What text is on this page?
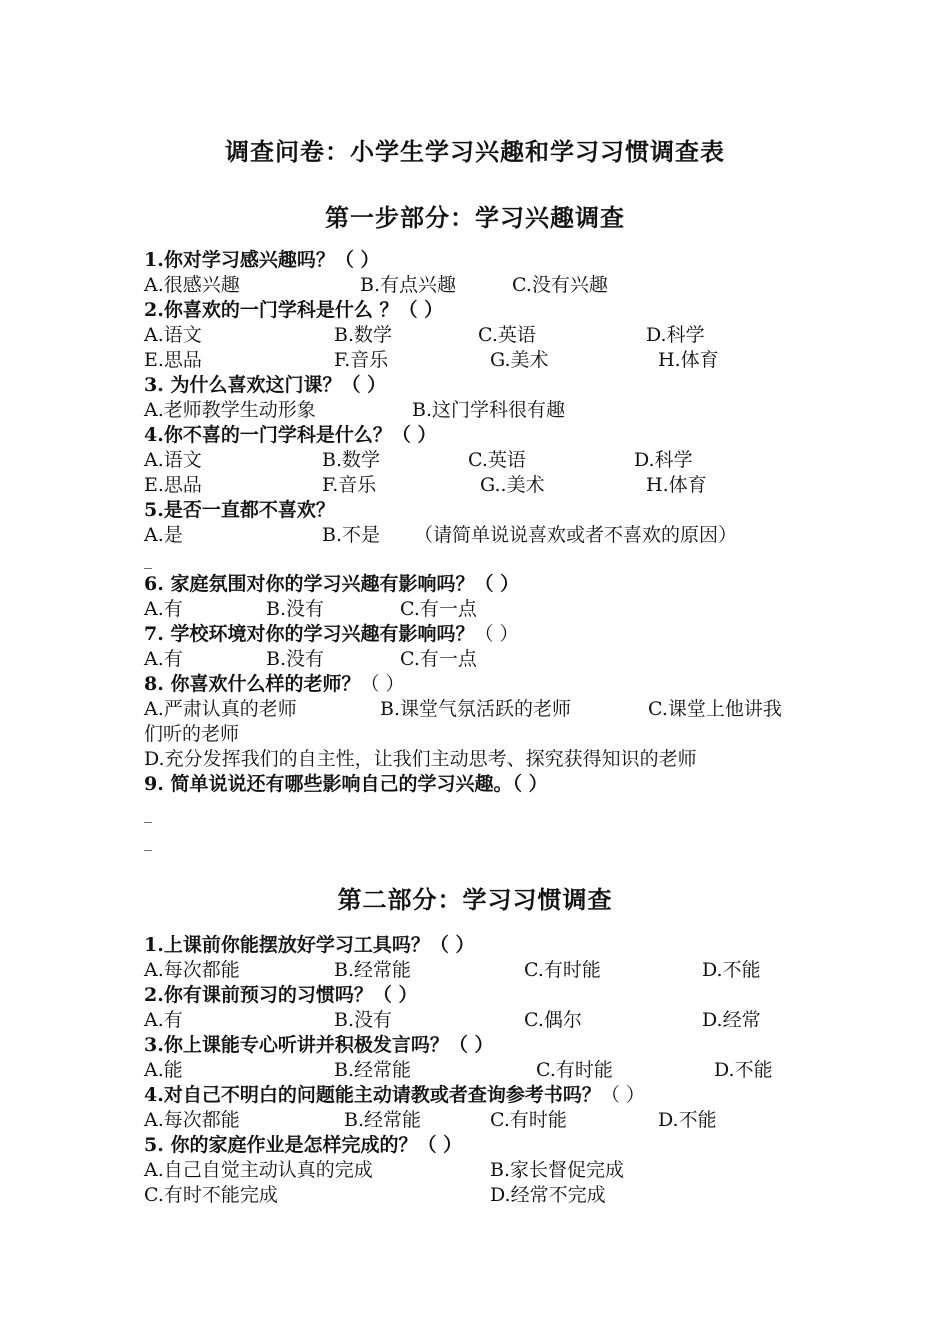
调查问卷：小学生学习兴趣和学习习惯调查表
第一步部分：学习兴趣调查
1.你对学习感兴趣吗？（ ）
A.很感兴趣	B.有点兴趣	C.没有兴趣
2.你喜欢的一门学科是什么 ？（ ）
A.语文	B.数学	C.英语	D.科学
E.思品	F.音乐	G.美术	H.体育
3. 为什么喜欢这门课？（ ）
A.老师教学生动形象	B.这门学科很有趣
4.你不喜的一门学科是什么？（ ）
A.语文	B.数学	C.英语	D.科学
E.思品	F.音乐	G..美术	H.体育
5.是否一直都不喜欢？
A.是	B.不是 （请简单说说喜欢或者不喜欢的原因）
_
6. 家庭氛围对你的学习兴趣有影响吗？（ ）
A.有	B.没有	C.有一点
7. 学校环境对你的学习兴趣有影响吗？（ ）
A.有	B.没有	C.有一点
8. 你喜欢什么样的老师？（ ）
A.严肃认真的老师	B.课堂气氛活跃的老师	C.课堂上他讲我
们听的老师
D.充分发挥我们的自主性，让我们主动思考、探究获得知识的老师
9. 简单说说还有哪些影响自己的学习兴趣。（ ）
_
_
第二部分：学习习惯调查
1.上课前你能摆放好学习工具吗？（ ）
A.每次都能	B.经常能	C.有时能	D.不能
2.你有课前预习的习惯吗？（ ）
A.有	B.没有	C.偶尔	D.经常
3.你上课能专心听讲并积极发言吗？（ ）
A.能	B.经常能	C.有时能	D.不能
4.对自己不明白的问题能主动请教或者查询参考书吗？（ ）
A.每次都能	B.经常能	C.有时能	D.不能
5. 你的家庭作业是怎样完成的？（ ）
A.自己自觉主动认真的完成	B.家长督促完成
C.有时不能完成	D.经常不完成
